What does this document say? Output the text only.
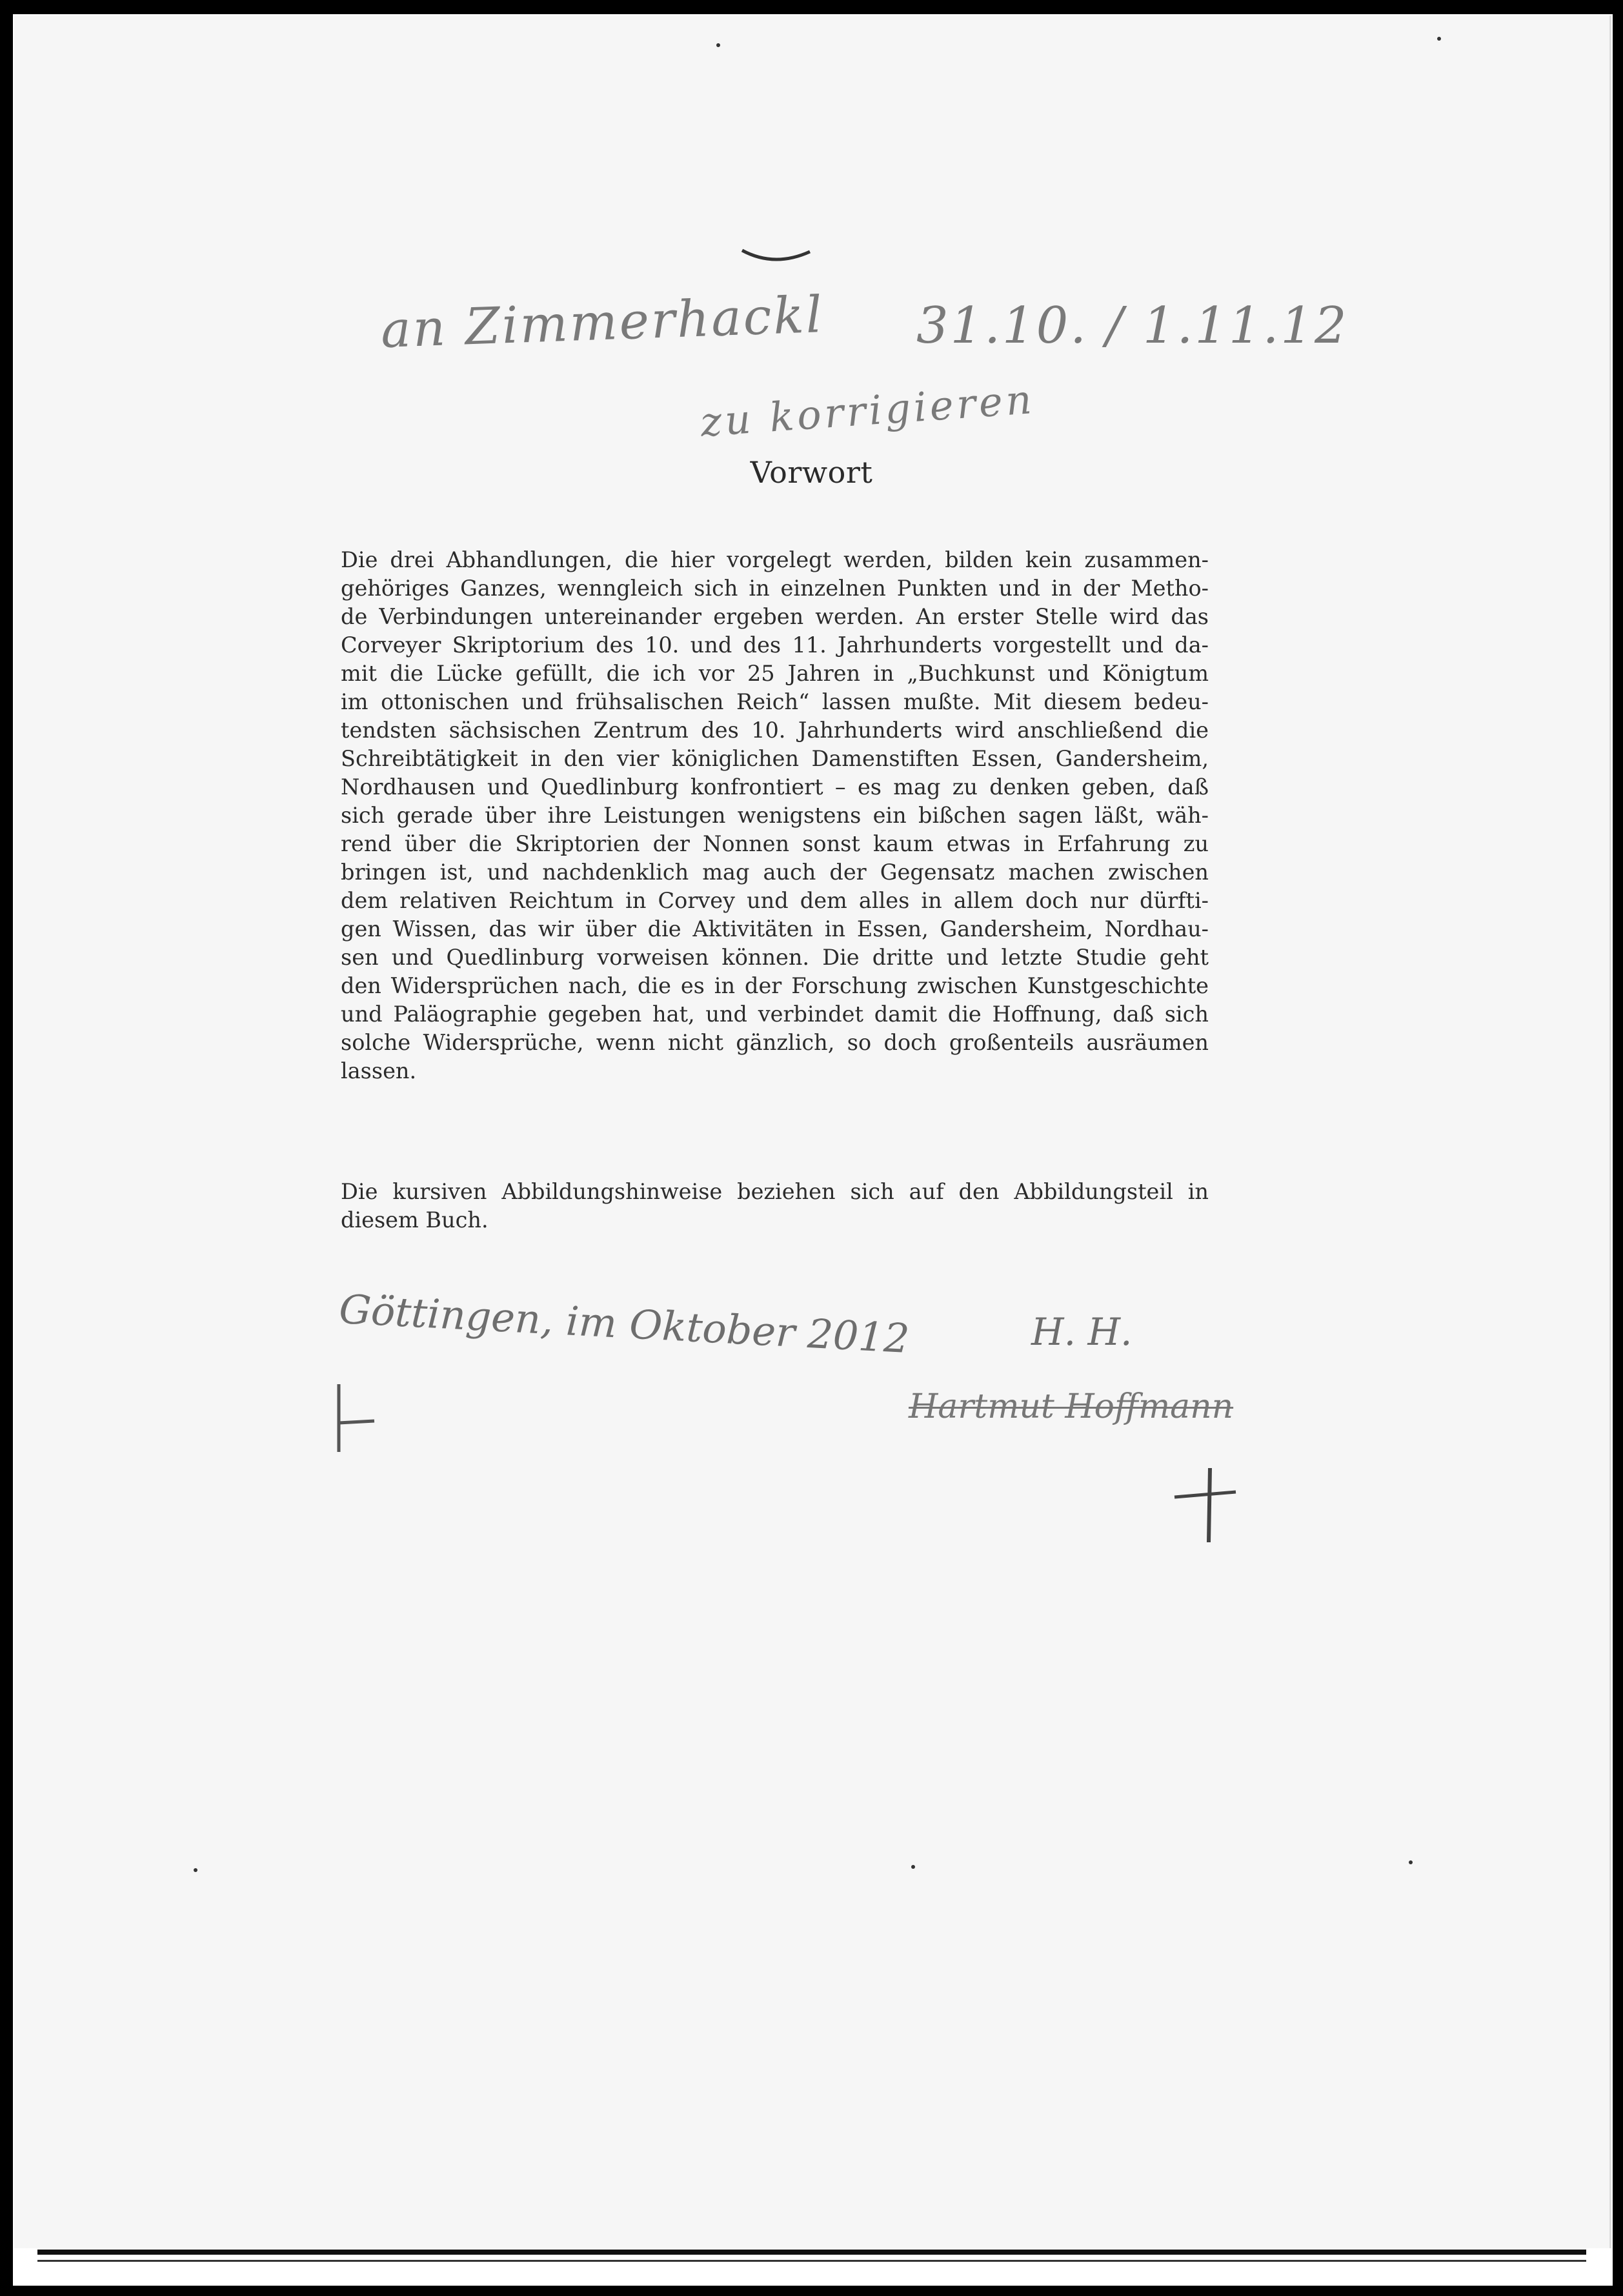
an Zimmerhackl 31.10. / 1.11.12
zu korrigieren
Vorwort
Die drei Abhandlungen, die hier vorgelegt werden, bilden kein zusammen-
gehöriges Ganzes, wenngleich sich in einzelnen Punkten und in der Metho-
de Verbindungen untereinander ergeben werden. An erster Stelle wird das
Corveyer Skriptorium des 10. und des 11. Jahrhunderts vorgestellt und da-
mit die Lücke gefüllt, die ich vor 25 Jahren in „Buchkunst und Königtum
im ottonischen und frühsalischen Reich“ lassen mußte. Mit diesem bedeu-
tendsten sächsischen Zentrum des 10. Jahrhunderts wird anschließend die
Schreibtätigkeit in den vier königlichen Damenstiften Essen, Gandersheim,
Nordhausen und Quedlinburg konfrontiert – es mag zu denken geben, daß
sich gerade über ihre Leistungen wenigstens ein bißchen sagen läßt, wäh-
rend über die Skriptorien der Nonnen sonst kaum etwas in Erfahrung zu
bringen ist, und nachdenklich mag auch der Gegensatz machen zwischen
dem relativen Reichtum in Corvey und dem alles in allem doch nur dürfti-
gen Wissen, das wir über die Aktivitäten in Essen, Gandersheim, Nordhau-
sen und Quedlinburg vorweisen können. Die dritte und letzte Studie geht
den Widersprüchen nach, die es in der Forschung zwischen Kunstgeschichte
und Paläographie gegeben hat, und verbindet damit die Hoffnung, daß sich
solche Widersprüche, wenn nicht gänzlich, so doch großenteils ausräumen
lassen.
Die kursiven Abbildungshinweise beziehen sich auf den Abbildungsteil in
diesem Buch.
Göttingen, im Oktober 2012	H. H.
Hartmut Hoffmann
